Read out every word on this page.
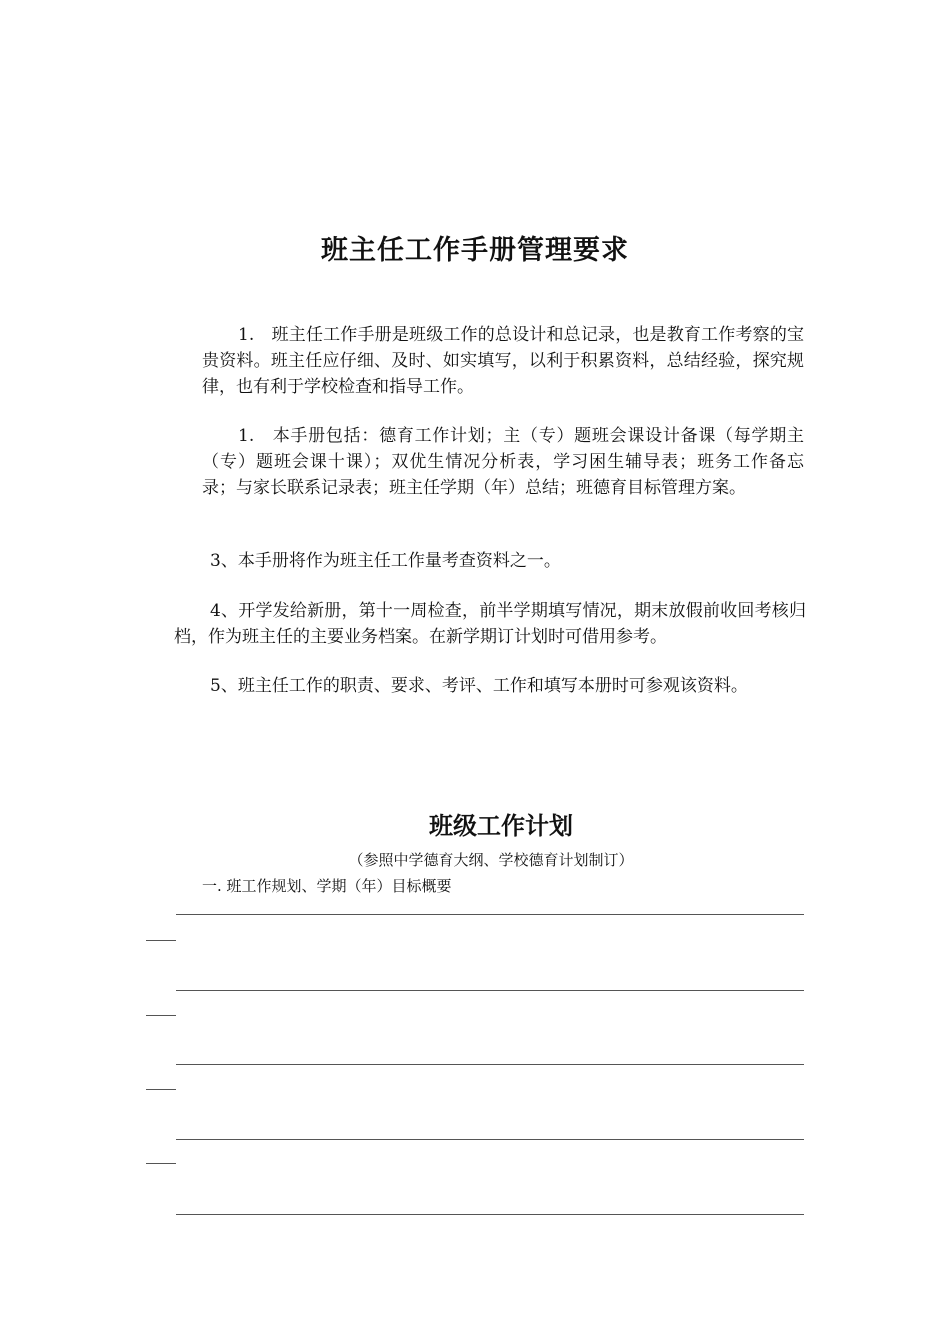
班主任工作手册管理要求

1.　班主任工作手册是班级工作的总设计和总记录，也是教育工作考察的宝贵资料。班主任应仔细、及时、如实填写，以利于积累资料，总结经验，探究规律，也有利于学校检查和指导工作。

1.　本手册包括：德育工作计划；主（专）题班会课设计备课（每学期主（专）题班会课十课）；双优生情况分析表，学习困生辅导表；班务工作备忘录；与家长联系记录表；班主任学期（年）总结；班德育目标管理方案。

3、本手册将作为班主任工作量考查资料之一。

4、开学发给新册，第十一周检查，前半学期填写情况，期末放假前收回考核归档，作为班主任的主要业务档案。在新学期订计划时可借用参考。

5、班主任工作的职责、要求、考评、工作和填写本册时可参观该资料。

班级工作计划

（参照中学德育大纲、学校德育计划制订）

一. 班工作规划、学期（年）目标概要
